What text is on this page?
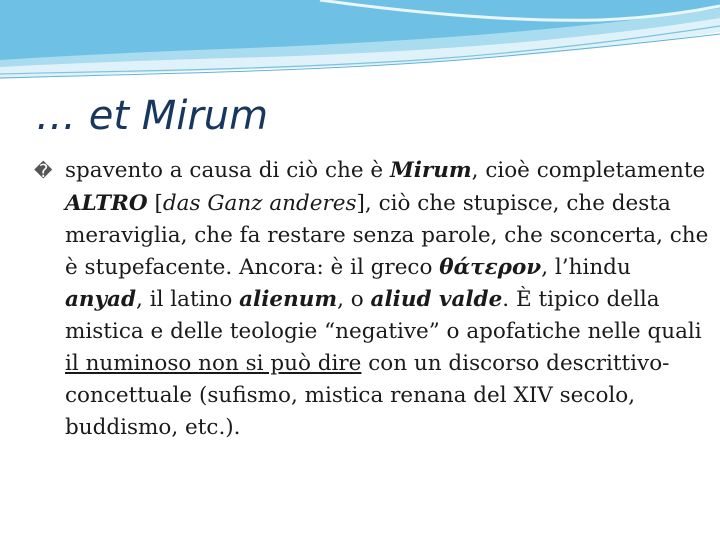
… et Mirum
� spavento a causa di ciò che è Mirum, cioè completamente ALTRO [das Ganz anderes], ciò che stupisce, che desta meraviglia, che fa restare senza parole, che sconcerta, che è stupefacente. Ancora: è il greco θάτερον, l’hindu anyad, il latino alienum, o aliud valde. È tipico della mistica e delle teologie “negative” o apofatiche nelle quali il numinoso non si può dire con un discorso descrittivo-concettuale (sufismo, mistica renana del XIV secolo, buddismo, etc.).
